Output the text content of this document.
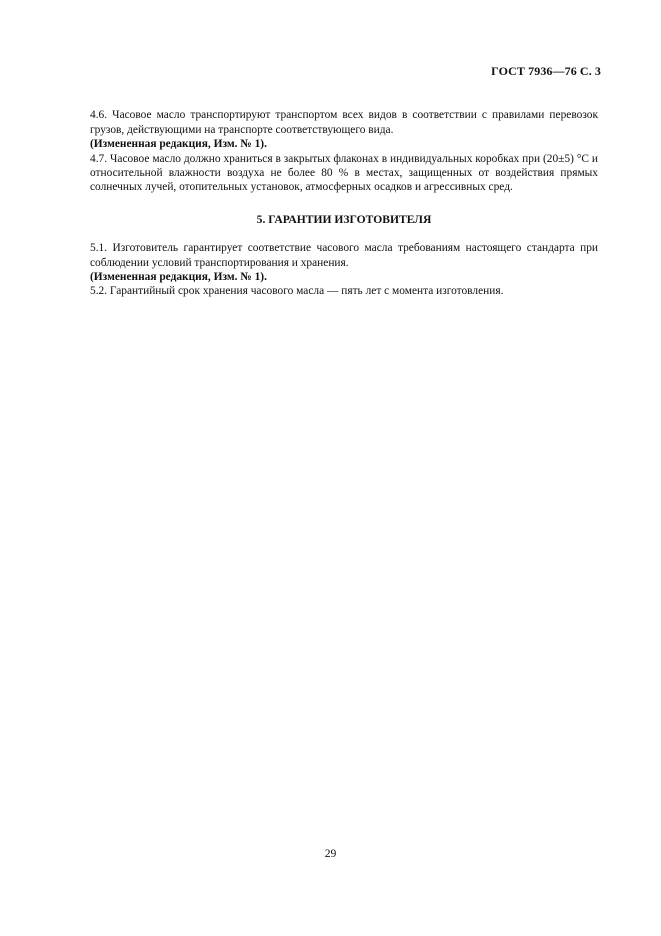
ГОСТ 7936—76 С. 3

4.6. Часовое масло транспортируют транспортом всех видов в соответствии с правилами перевозок грузов, действующими на транспорте соответствующего вида.

(Измененная редакция, Изм. № 1).

4.7. Часовое масло должно храниться в закрытых флаконах в индивидуальных коробках при (20±5) °С и относительной влажности воздуха не более 80 % в местах, защищенных от воздействия прямых солнечных лучей, отопительных установок, атмосферных осадков и агрессивных сред.

5. ГАРАНТИИ ИЗГОТОВИТЕЛЯ

5.1. Изготовитель гарантирует соответствие часового масла требованиям настоящего стандарта при соблюдении условий транспортирования и хранения.

(Измененная редакция, Изм. № 1).

5.2. Гарантийный срок хранения часового масла — пять лет с момента изготовления.

29
